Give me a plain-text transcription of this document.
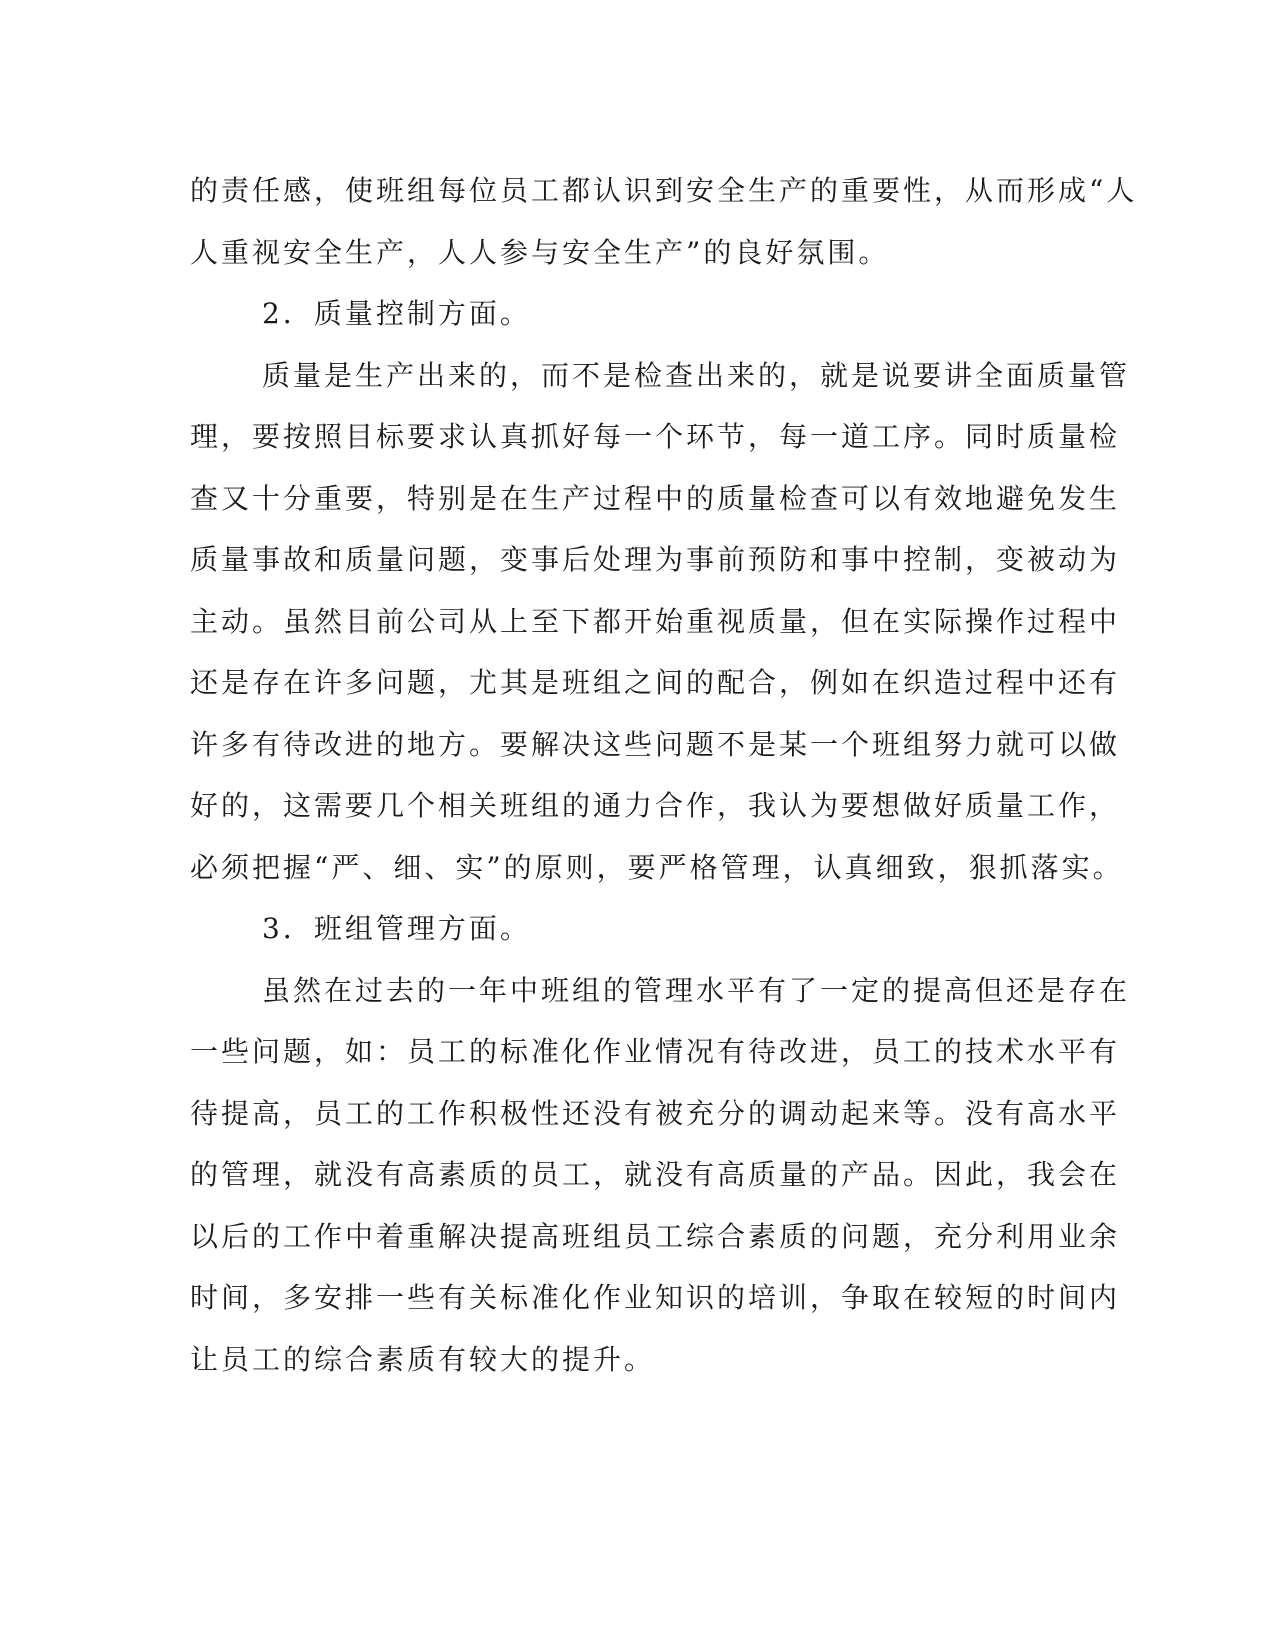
的责任感，使班组每位员工都认识到安全生产的重要性，从而形成“人
人重视安全生产，人人参与安全生产”的良好氛围。
2．质量控制方面。
质量是生产出来的，而不是检查出来的，就是说要讲全面质量管
理，要按照目标要求认真抓好每一个环节，每一道工序。同时质量检
查又十分重要，特别是在生产过程中的质量检查可以有效地避免发生
质量事故和质量问题，变事后处理为事前预防和事中控制，变被动为
主动。虽然目前公司从上至下都开始重视质量，但在实际操作过程中
还是存在许多问题，尤其是班组之间的配合，例如在织造过程中还有
许多有待改进的地方。要解决这些问题不是某一个班组努力就可以做
好的，这需要几个相关班组的通力合作，我认为要想做好质量工作，
必须把握“严、细、实”的原则，要严格管理，认真细致，狠抓落实。
3．班组管理方面。
虽然在过去的一年中班组的管理水平有了一定的提高但还是存在
一些问题，如：员工的标准化作业情况有待改进，员工的技术水平有
待提高，员工的工作积极性还没有被充分的调动起来等。没有高水平
的管理，就没有高素质的员工，就没有高质量的产品。因此，我会在
以后的工作中着重解决提高班组员工综合素质的问题，充分利用业余
时间，多安排一些有关标准化作业知识的培训，争取在较短的时间内
让员工的综合素质有较大的提升。
